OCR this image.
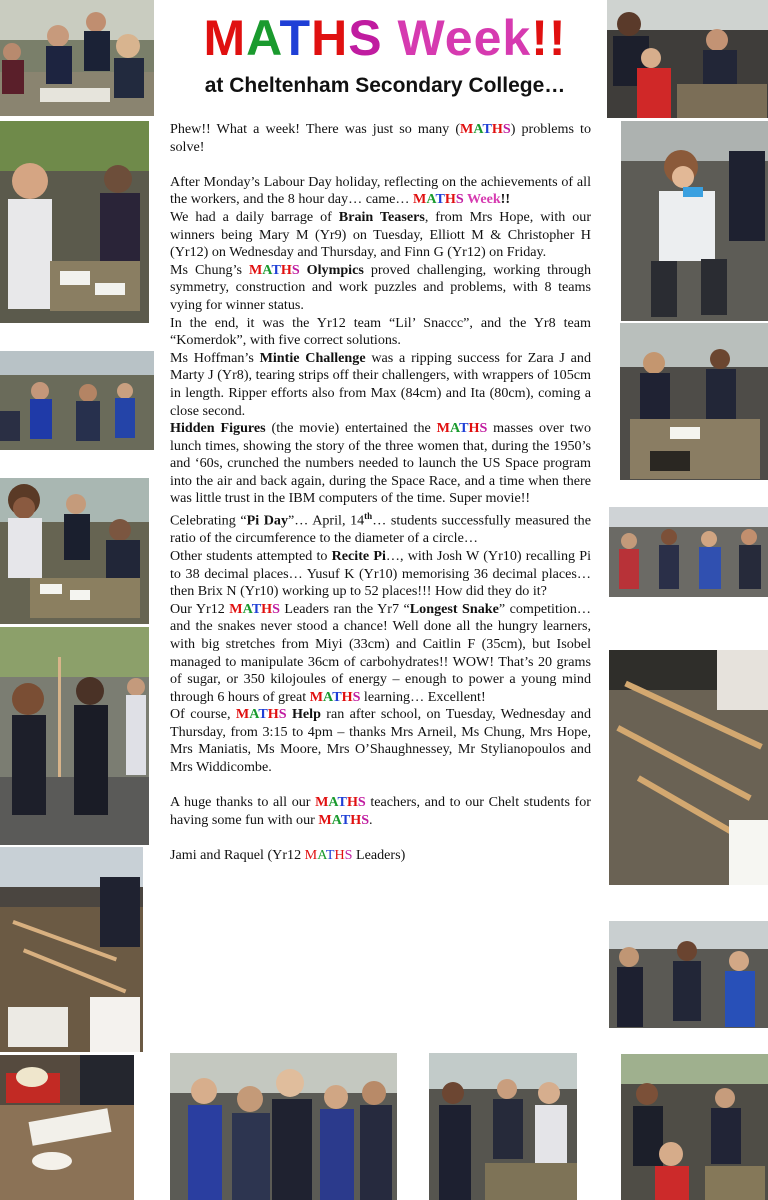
MATHS Week!!
at Cheltenham Secondary College…

Phew!! What a week! There was just so many (MATHS) problems to solve!

After Monday’s Labour Day holiday, reflecting on the achievements of all the workers, and the 8 hour day… came… MATHS Week!!

We had a daily barrage of Brain Teasers, from Mrs Hope, with our winners being Mary M (Yr9) on Tuesday, Elliott M & Christopher H (Yr12) on Wednesday and Thursday, and Finn G (Yr12) on Friday.

Ms Chung’s MATHS Olympics proved challenging, working through symmetry, construction and work puzzles and problems, with 8 teams vying for winner status.

In the end, it was the Yr12 team “Lil’ Snaccc”, and the Yr8 team “Komerdok”, with five correct solutions.

Ms Hoffman’s Mintie Challenge was a ripping success for Zara J and Marty J (Yr8), tearing strips off their challengers, with wrappers of 105cm in length. Ripper efforts also from Max (84cm) and Ita (80cm), coming a close second.

Hidden Figures (the movie) entertained the MATHS masses over two lunch times, showing the story of the three women that, during the 1950’s and ‘60s, crunched the numbers needed to launch the US Space program into the air and back again, during the Space Race, and a time when there was little trust in the IBM computers of the time. Super movie!!

Celebrating “Pi Day”… April, 14th… students successfully measured the ratio of the circumference to the diameter of a circle…

Other students attempted to Recite Pi…, with Josh W (Yr10) recalling Pi to 38 decimal places… Yusuf K (Yr10) memorising 36 decimal places… then Brix N (Yr10) working up to 52 places!!! How did they do it?

Our Yr12 MATHS Leaders ran the Yr7 “Longest Snake” competition… and the snakes never stood a chance! Well done all the hungry learners, with big stretches from Miyi (33cm) and Caitlin F (35cm), but Isobel managed to manipulate 36cm of carbohydrates!! WOW! That’s 20 grams of sugar, or 350 kilojoules of energy – enough to power a young mind through 6 hours of great MATHS learning… Excellent!

Of course, MATHS Help ran after school, on Tuesday, Wednesday and Thursday, from 3:15 to 4pm – thanks Mrs Arneil, Ms Chung, Mrs Hope, Mrs Maniatis, Ms Moore, Mrs O’Shaughnessey, Mr Stylianopoulos and Mrs Widdicombe.

A huge thanks to all our MATHS teachers, and to our Chelt students for having some fun with our MATHS.

Jami and Raquel (Yr12 MATHS Leaders)
